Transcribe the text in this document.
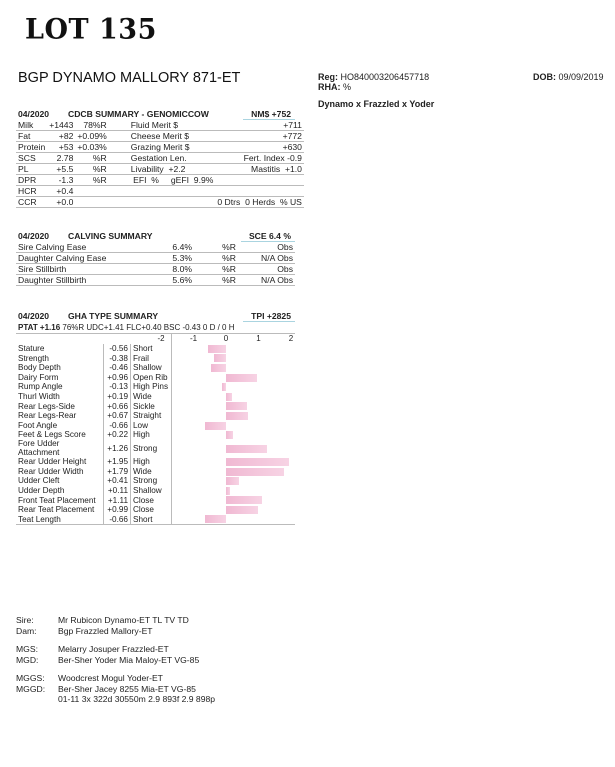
LOT 135
BGP DYNAMO MALLORY 871-ET	Reg: HO840003206457718
RHA: %
DOB: 09/09/2019
Dynamo x Frazzled x Yoder
04/2020	CDCB SUMMARY - GENOMICCOW	NM$ +752
Milk	+1443	78%R	Fluid Merit $	+711
Fat	+82	+0.09%	Cheese Merit $	+772
Protein	+53	+0.03%	Grazing Merit $	+630
SCS	2.78	%R	Gestation Len.	Fert. Index -0.9
PL	+5.5	%R	Livability  +2.2	Mastitis  +1.0
DPR	-1.3	%R	EFI  %     gEFI  9.9%	
HCR	+0.4			
CCR	+0.0			0 Dtrs  0 Herds  % US
04/2020	CALVING SUMMARY	SCE 6.4 %
Sire Calving Ease	6.4%	%R	Obs
Daughter Calving Ease	5.3%	%R	N/A Obs
Sire Stillbirth	8.0%	%R	Obs
Daughter Stillbirth	5.6%	%R	N/A Obs
04/2020	GHA TYPE SUMMARY	TPI +2825
PTAT +1.16 76%R UDC+1.41 FLC+0.40 BSC -0.43 0 D / 0 H
-2	-1	0	1	2
Stature	-0.56	Short	

Strength	-0.38	Frail	

Body Depth	-0.46	Shallow	

Dairy Form	+0.96	Open Rib	

Rump Angle	-0.13	High Pins	

Thurl Width	+0.19	Wide	

Rear Legs-Side	+0.66	Sickle	

Rear Legs-Rear	+0.67	Straight	

Foot Angle	-0.66	Low	

Feet & Legs Score	+0.22	High	

Fore Udder
Attachment	+1.26	Strong	

Rear Udder Height	+1.95	High	

Rear Udder Width	+1.79	Wide	

Udder Cleft	+0.41	Strong	

Udder Depth	+0.11	Shallow	

Front Teat Placement	+1.11	Close	

Rear Teat Placement	+0.99	Close	

Teat Length	-0.66	Short	
Sire:	Mr Rubicon Dynamo-ET TL TV TD
Dam: Bgp Frazzled Mallory-ET
MGS: Melarry Josuper Frazzled-ET
MGD: Ber-Sher Yoder Mia Maloy-ET VG-85
MGGS: Woodcrest Mogul Yoder-ET
MGGD: Ber-Sher Jacey 8255 Mia-ET VG-85
01-11 3x 322d 30550m 2.9 893f 2.9 898p
